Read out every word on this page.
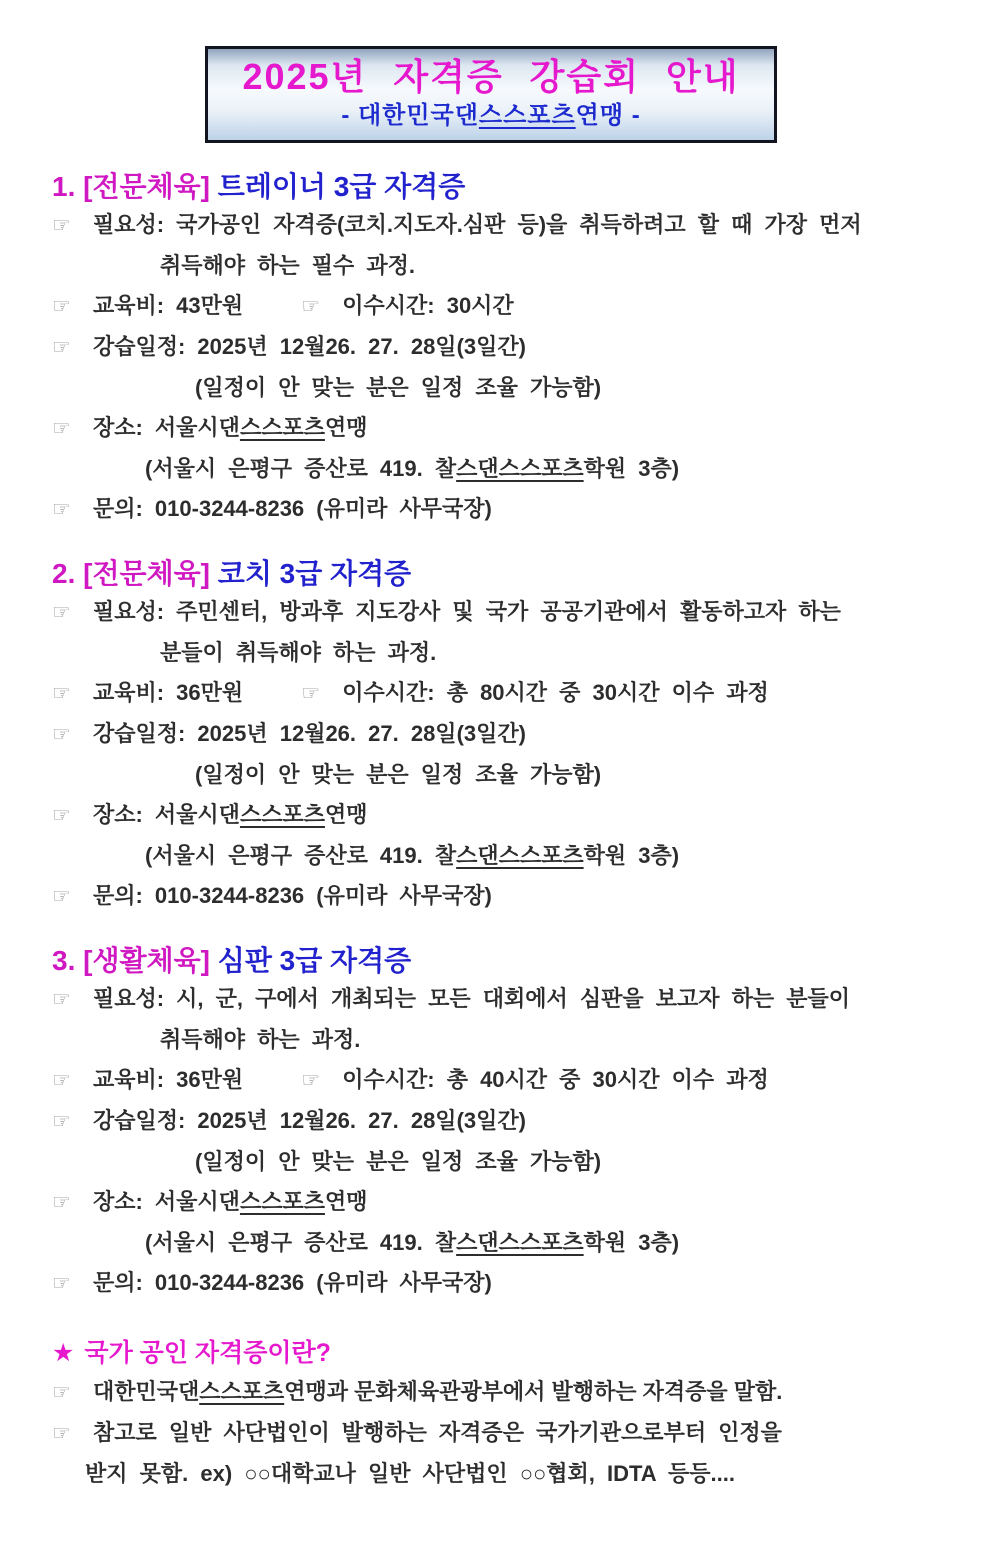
2025년 자격증 강습회 안내
- 대한민국댄스스포츠연맹 -
1. [전문체육] 트레이너 3급 자격증
☞ 필요성: 국가공인 자격증(코치.지도자.심판 등)을 취득하려고 할 때 가장 먼저
취득해야 하는 필수 과정.
☞ 교육비: 43만원	☞ 이수시간: 30시간
☞ 강습일정: 2025년 12월26. 27. 28일(3일간)
(일정이 안 맞는 분은 일정 조율 가능함)
☞ 장소: 서울시댄스스포츠연맹
(서울시 은평구 증산로 419. 찰스댄스스포츠학원 3층)
☞ 문의: 010-3244-8236 (유미라 사무국장)
2. [전문체육] 코치 3급 자격증
☞ 필요성: 주민센터, 방과후 지도강사 및 국가 공공기관에서 활동하고자 하는
분들이 취득해야 하는 과정.
☞ 교육비: 36만원	☞ 이수시간: 총 80시간 중 30시간 이수 과정
☞ 강습일정: 2025년 12월26. 27. 28일(3일간)
(일정이 안 맞는 분은 일정 조율 가능함)
☞ 장소: 서울시댄스스포츠연맹
(서울시 은평구 증산로 419. 찰스댄스스포츠학원 3층)
☞ 문의: 010-3244-8236 (유미라 사무국장)
3. [생활체육] 심판 3급 자격증
☞ 필요성: 시, 군, 구에서 개최되는 모든 대회에서 심판을 보고자 하는 분들이
취득해야 하는 과정.
☞ 교육비: 36만원	☞ 이수시간: 총 40시간 중 30시간 이수 과정
☞ 강습일정: 2025년 12월26. 27. 28일(3일간)
(일정이 안 맞는 분은 일정 조율 가능함)
☞ 장소: 서울시댄스스포츠연맹
(서울시 은평구 증산로 419. 찰스댄스스포츠학원 3층)
☞ 문의: 010-3244-8236 (유미라 사무국장)
★ 국가 공인 자격증이란?
☞ 대한민국댄스스포츠연맹과 문화체육관광부에서 발행하는 자격증을 말함.
☞ 참고로 일반 사단법인이 발행하는 자격증은 국가기관으로부터 인정을
받지 못함. ex) ○○대학교나 일반 사단법인 ○○협회, IDTA 등등....
